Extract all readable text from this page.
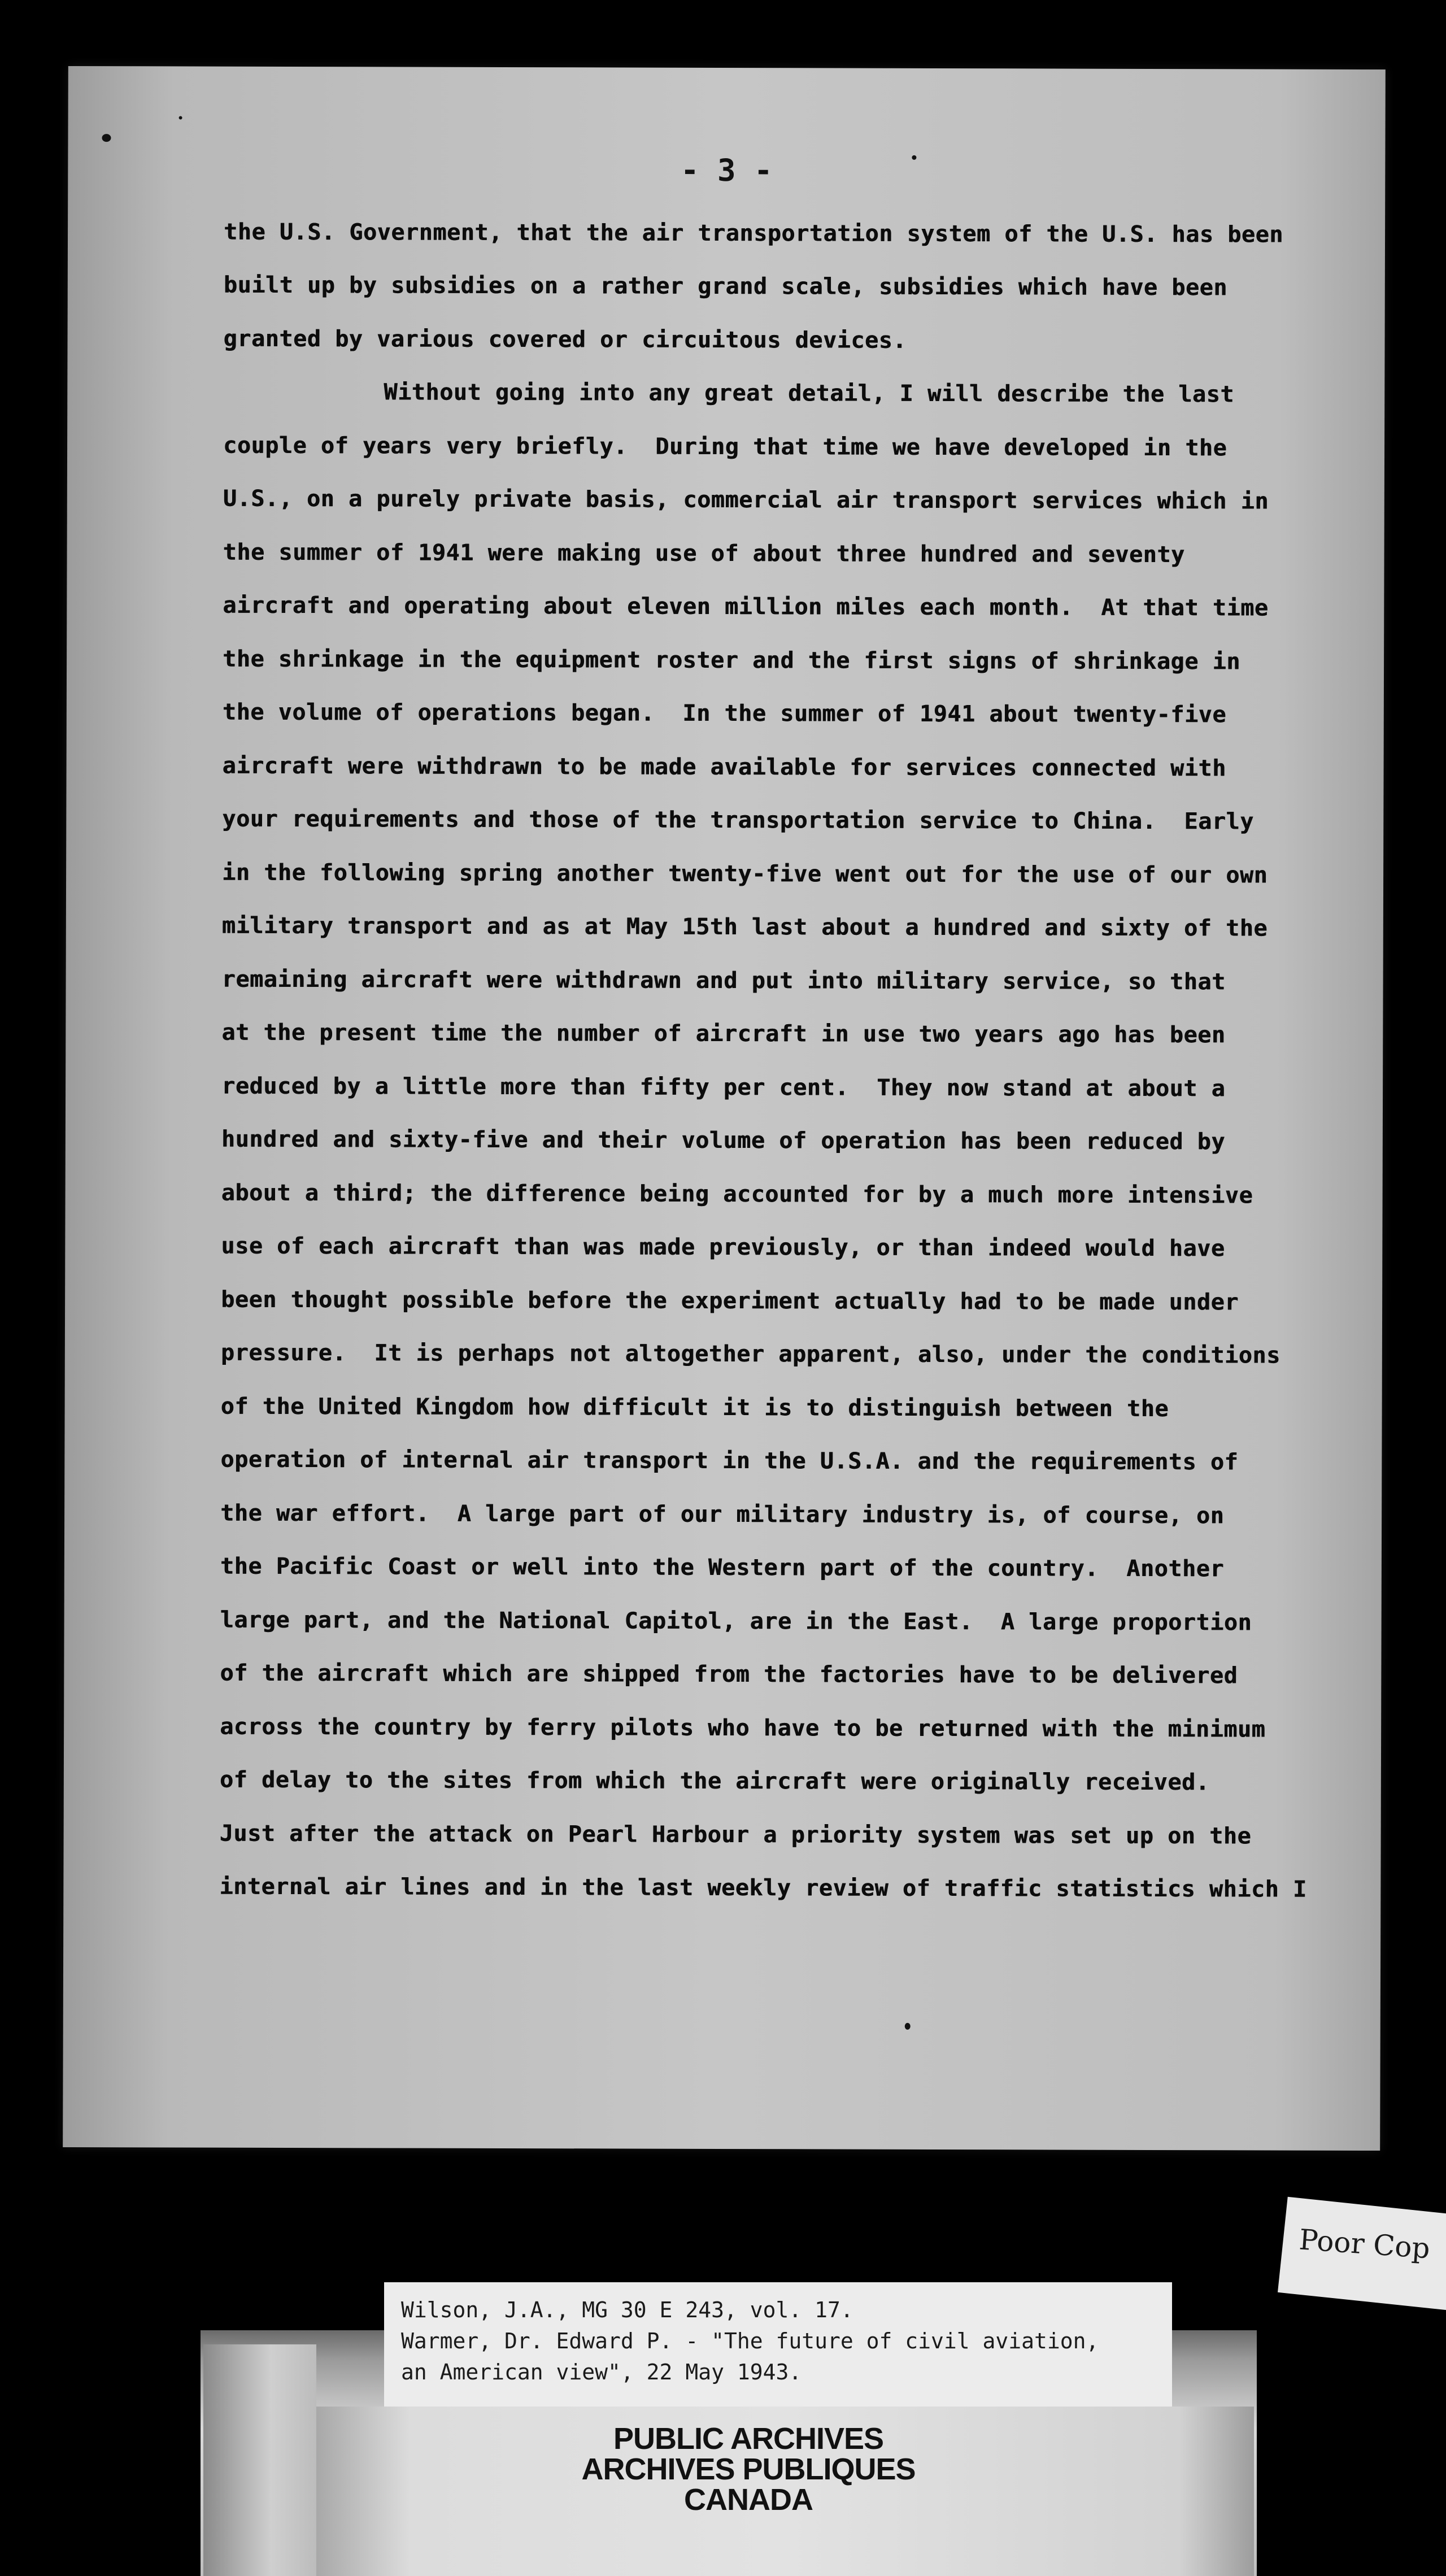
- 3 -
the U.S. Government, that the air transportation system of the U.S. has been
built up by subsidies on a rather grand scale, subsidies which have been
granted by various covered or circuitous devices.
Without going into any great detail, I will describe the last
couple of years very briefly.  During that time we have developed in the
U.S., on a purely private basis, commercial air transport services which in
the summer of 1941 were making use of about three hundred and seventy
aircraft and operating about eleven million miles each month.  At that time
the shrinkage in the equipment roster and the first signs of shrinkage in
the volume of operations began.  In the summer of 1941 about twenty-five
aircraft were withdrawn to be made available for services connected with
your requirements and those of the transportation service to China.  Early
in the following spring another twenty-five went out for the use of our own
military transport and as at May 15th last about a hundred and sixty of the
remaining aircraft were withdrawn and put into military service, so that
at the present time the number of aircraft in use two years ago has been
reduced by a little more than fifty per cent.  They now stand at about a
hundred and sixty-five and their volume of operation has been reduced by
about a third; the difference being accounted for by a much more intensive
use of each aircraft than was made previously, or than indeed would have
been thought possible before the experiment actually had to be made under
pressure.  It is perhaps not altogether apparent, also, under the conditions
of the United Kingdom how difficult it is to distinguish between the
operation of internal air transport in the U.S.A. and the requirements of
the war effort.  A large part of our military industry is, of course, on
the Pacific Coast or well into the Western part of the country.  Another
large part, and the National Capitol, are in the East.  A large proportion
of the aircraft which are shipped from the factories have to be delivered
across the country by ferry pilots who have to be returned with the minimum
of delay to the sites from which the aircraft were originally received.
Just after the attack on Pearl Harbour a priority system was set up on the
internal air lines and in the last weekly review of traffic statistics which I
Wilson, J.A., MG 30 E 243, vol. 17.
Warmer, Dr. Edward P. - "The future of civil aviation,
an American view", 22 May 1943.
PUBLIC ARCHIVES
ARCHIVES PUBLIQUES
CANADA
Poor Cop
